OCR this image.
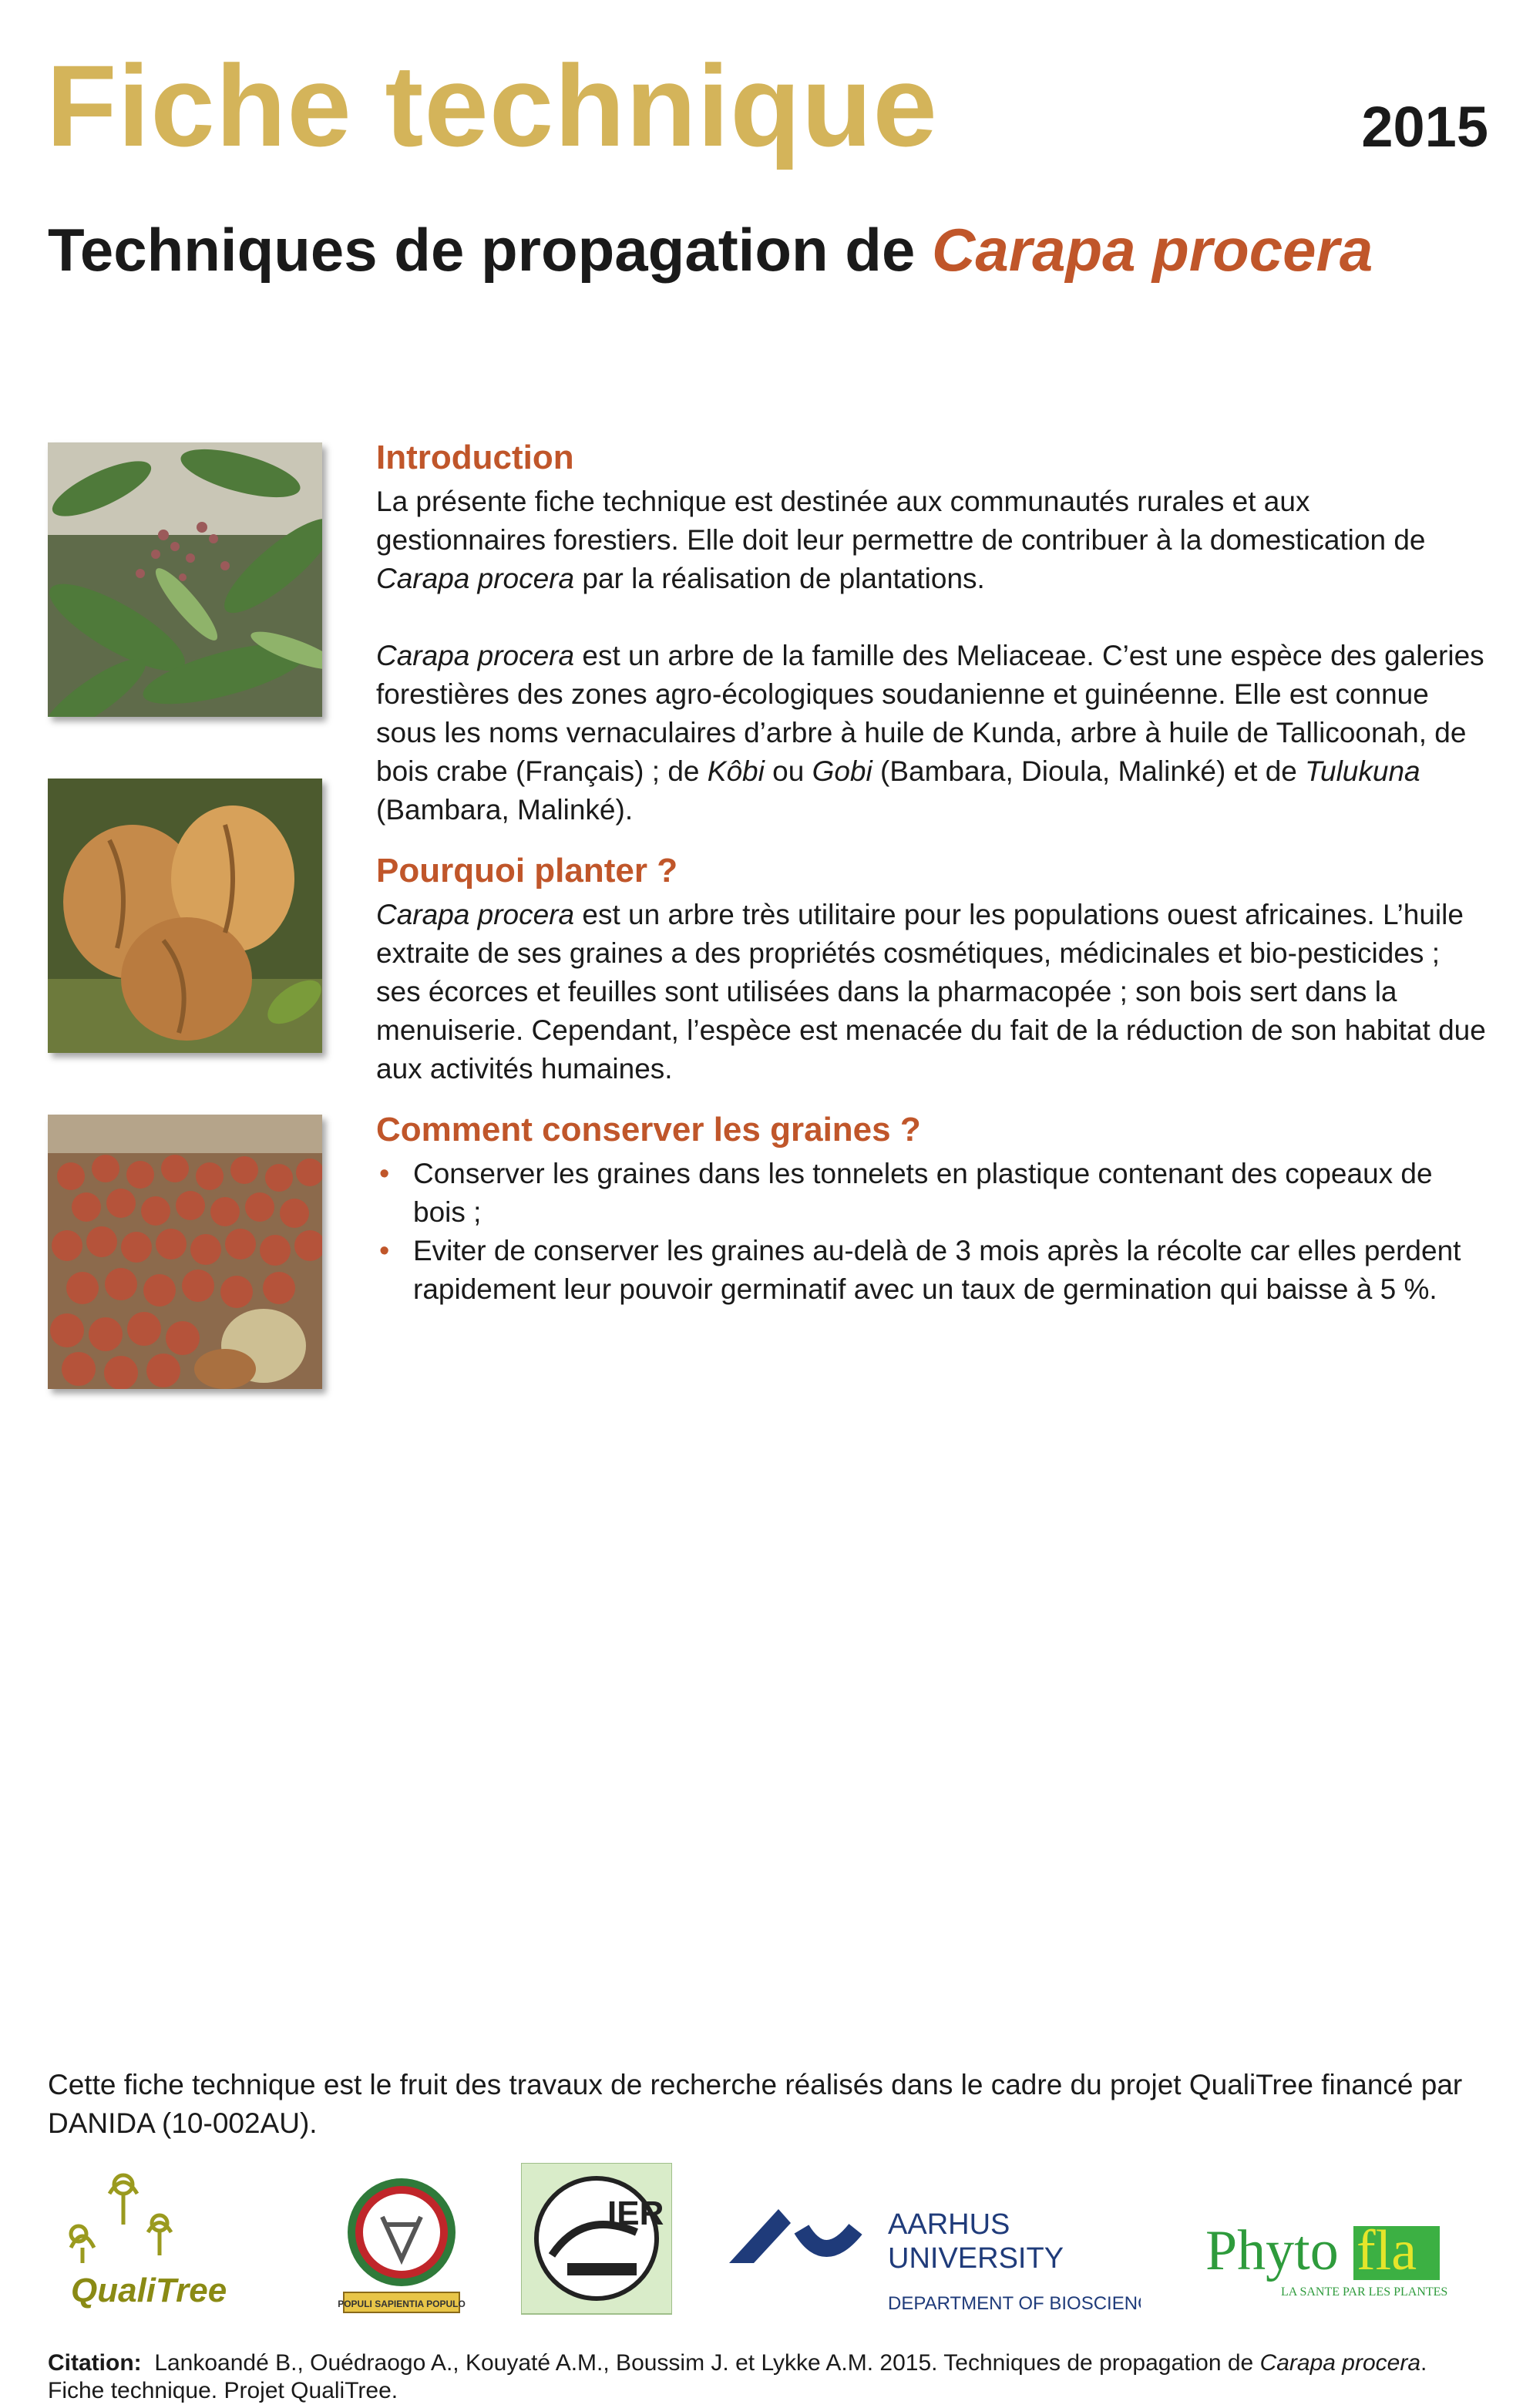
Fiche technique	2015
Techniques de propagation de Carapa procera
Introduction

La présente fiche technique est destinée aux communautés rurales et aux gestionnaires forestiers. Elle doit leur permettre de contribuer à la domestication de Carapa procera par la réalisation de plantations.

Carapa procera est un arbre de la famille des Meliaceae. C’est une espèce des galeries forestières des zones agro-écologiques soudanienne et guinéenne. Elle est connue sous les noms vernaculaires d’arbre à huile de Kunda, arbre à huile de Tallicoonah, de bois crabe (Français) ; de Kôbi ou Gobi (Bambara, Dioula, Malinké) et de Tulukuna (Bambara, Malinké).

Pourquoi planter ?

Carapa procera est un arbre très utilitaire pour les populations ouest africaines. L’huile extraite de ses graines a des propriétés cosmétiques, médicinales et bio-pesticides ; ses écorces et feuilles sont utilisées dans la pharmacopée ; son bois sert dans la menuiserie. Cependant, l’espèce est menacée du fait de la réduction de son habitat due aux activités humaines.

Comment conserver les graines ?
• Conserver les graines dans les tonnelets en plastique contenant des copeaux de bois ;
• Eviter de conserver les graines au-delà de 3 mois après la récolte car elles perdent rapidement leur pouvoir germinatif avec un taux de germination qui baisse à 5 %.
Cette fiche technique est le fruit des travaux de recherche réalisés dans le cadre du projet QualiTree financé par DANIDA (10-002AU).
QualiTree	POPULI SAPIENTIA POPULO
IER	AARHUS
UNIVERSITY
DEPARTMENT OF BIOSCIENCE
Phyto fla
LA SANTE PAR LES PLANTES
Citation: Lankoandé B., Ouédraogo A., Kouyaté A.M., Boussim J. et Lykke A.M. 2015. Techniques de propagation de Carapa procera. Fiche technique. Projet QualiTree.
